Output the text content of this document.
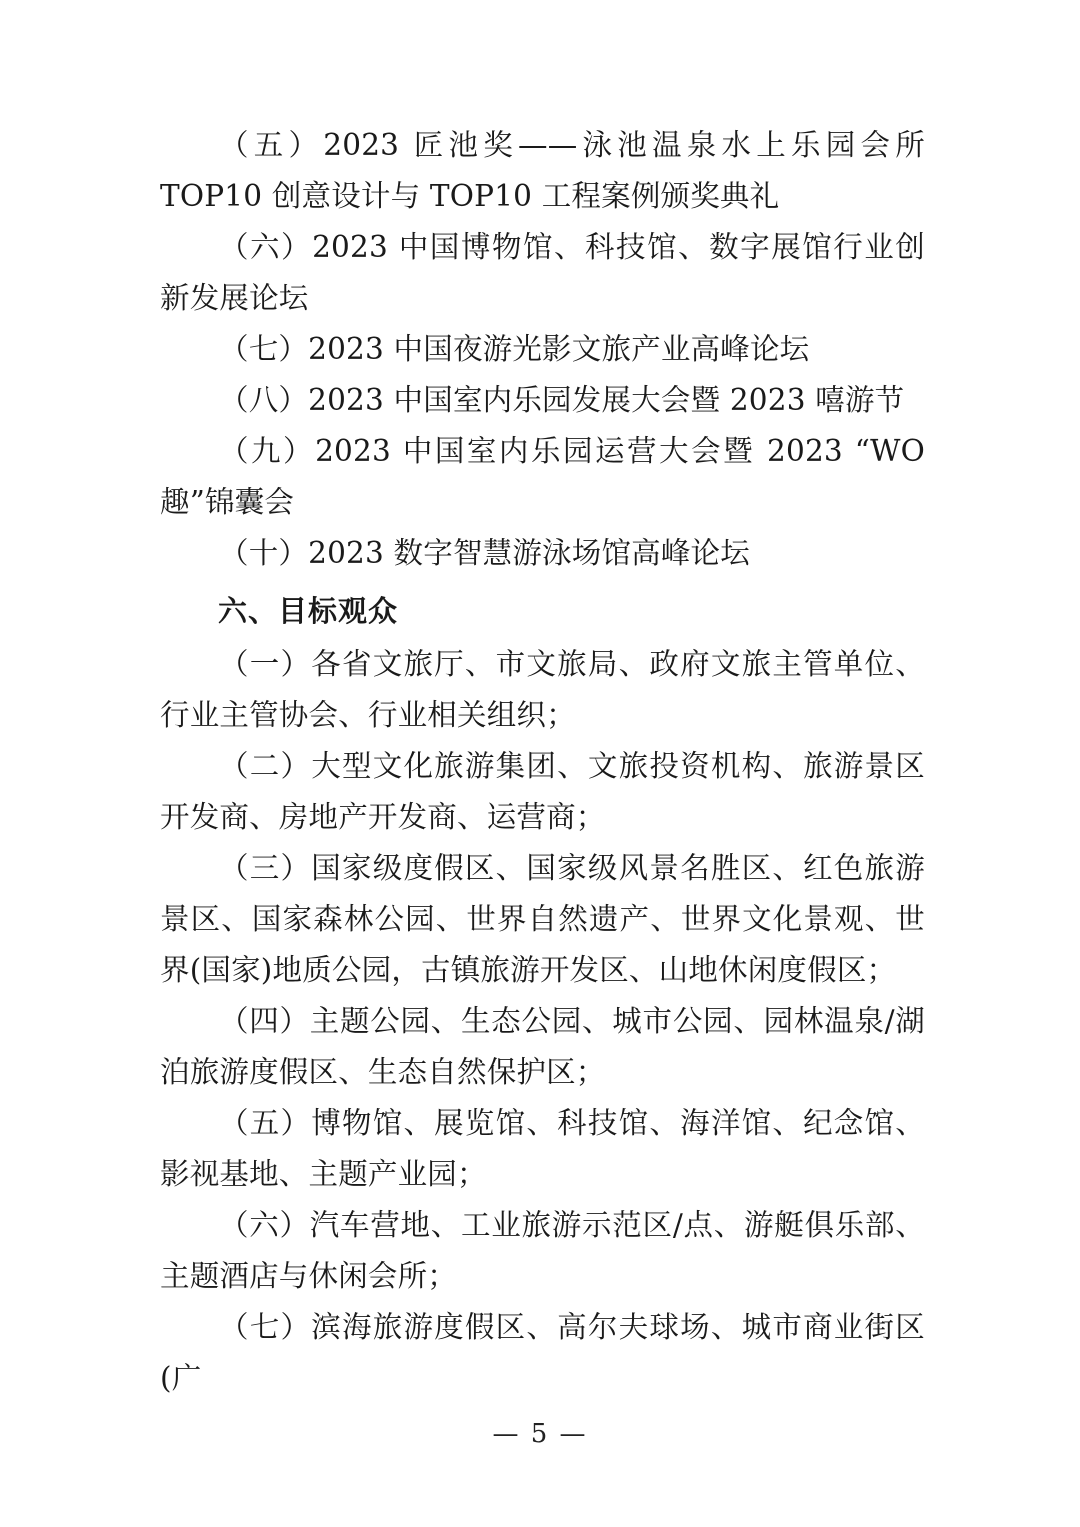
（五）2023 匠池奖——泳池温泉水上乐园会所 TOP10 创意设计与 TOP10 工程案例颁奖典礼

（六）2023 中国博物馆、科技馆、数字展馆行业创新发展论坛

（七）2023 中国夜游光影文旅产业高峰论坛

（八）2023 中国室内乐园发展大会暨 2023 嘻游节

（九）2023 中国室内乐园运营大会暨 2023 “WO 趣”锦囊会

（十）2023 数字智慧游泳场馆高峰论坛

六、目标观众

（一）各省文旅厅、市文旅局、政府文旅主管单位、行业主管协会、行业相关组织；

（二）大型文化旅游集团、文旅投资机构、旅游景区开发商、房地产开发商、运营商；

（三）国家级度假区、国家级风景名胜区、红色旅游景区、国家森林公园、世界自然遗产、世界文化景观、世界(国家)地质公园，古镇旅游开发区、山地休闲度假区；

（四）主题公园、生态公园、城市公园、园林温泉/湖泊旅游度假区、生态自然保护区；

（五）博物馆、展览馆、科技馆、海洋馆、纪念馆、影视基地、主题产业园；

（六）汽车营地、工业旅游示范区/点、游艇俱乐部、主题酒店与休闲会所；

（七）滨海旅游度假区、高尔夫球场、城市商业街区(广

— 5 —
